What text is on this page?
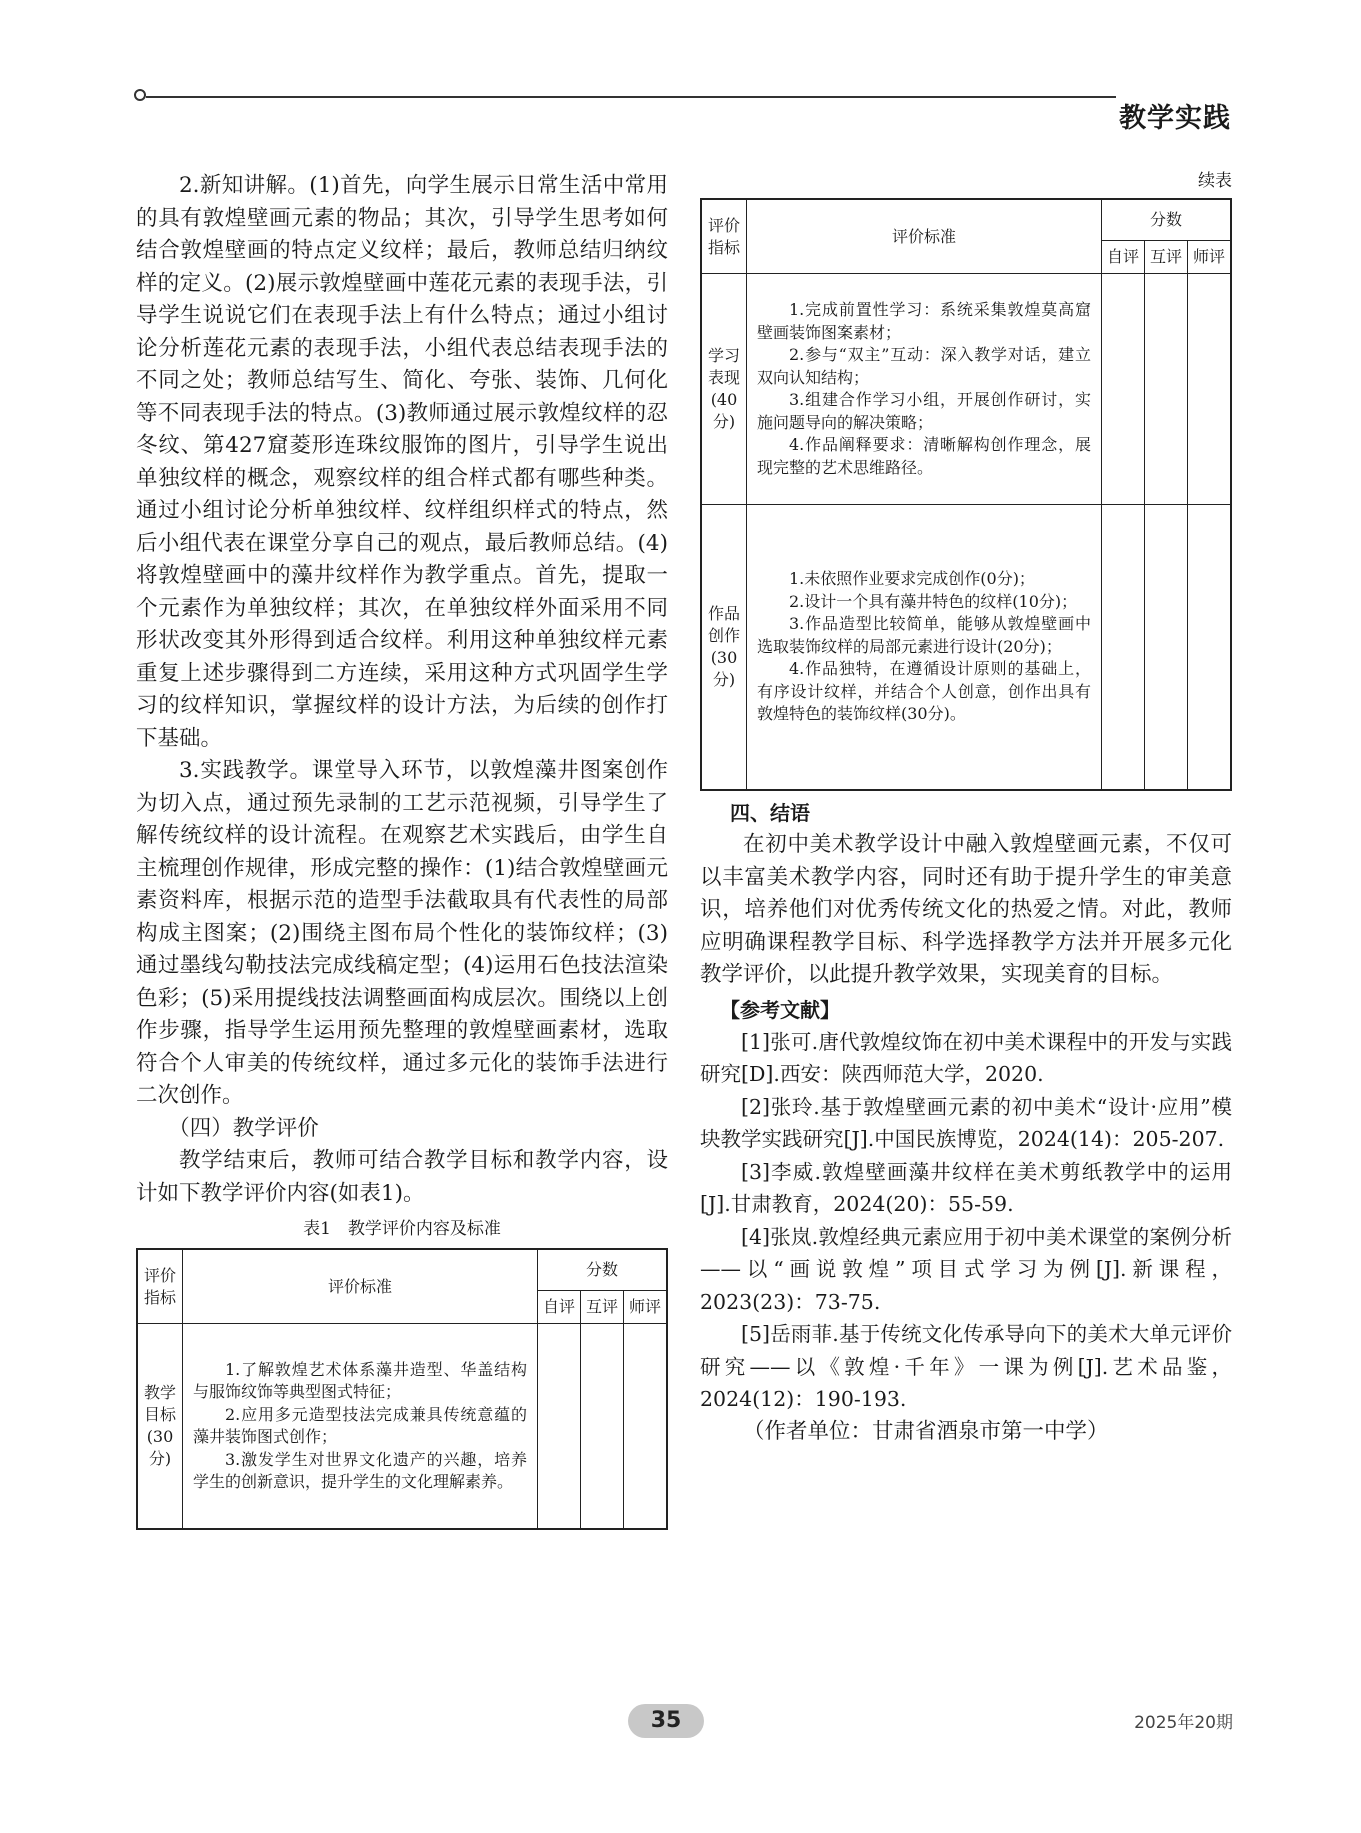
教学实践

2.新知讲解。(1)首先，向学生展示日常生活中常用的具有敦煌壁画元素的物品；其次，引导学生思考如何结合敦煌壁画的特点定义纹样；最后，教师总结归纳纹样的定义。(2)展示敦煌壁画中莲花元素的表现手法，引导学生说说它们在表现手法上有什么特点；通过小组讨论分析莲花元素的表现手法，小组代表总结表现手法的不同之处；教师总结写生、简化、夸张、装饰、几何化等不同表现手法的特点。(3)教师通过展示敦煌纹样的忍冬纹、第427窟菱形连珠纹服饰的图片，引导学生说出单独纹样的概念，观察纹样的组合样式都有哪些种类。通过小组讨论分析单独纹样、纹样组织样式的特点，然后小组代表在课堂分享自己的观点，最后教师总结。(4)将敦煌壁画中的藻井纹样作为教学重点。首先，提取一个元素作为单独纹样；其次，在单独纹样外面采用不同形状改变其外形得到适合纹样。利用这种单独纹样元素重复上述步骤得到二方连续，采用这种方式巩固学生学习的纹样知识，掌握纹样的设计方法，为后续的创作打下基础。

3.实践教学。课堂导入环节，以敦煌藻井图案创作为切入点，通过预先录制的工艺示范视频，引导学生了解传统纹样的设计流程。在观察艺术实践后，由学生自主梳理创作规律，形成完整的操作：(1)结合敦煌壁画元素资料库，根据示范的造型手法截取具有代表性的局部构成主图案；(2)围绕主图布局个性化的装饰纹样；(3)通过墨线勾勒技法完成线稿定型；(4)运用石色技法渲染色彩；(5)采用提线技法调整画面构成层次。围绕以上创作步骤，指导学生运用预先整理的敦煌壁画素材，选取符合个人审美的传统纹样，通过多元化的装饰手法进行二次创作。

（四）教学评价

教学结束后，教师可结合教学目标和教学内容，设计如下教学评价内容(如表1)。

表1　教学评价内容及标准
评价指标	评价标准	分数		
		自评	互评	师评
教学目标(30分)	1.了解敦煌艺术体系藻井造型、华盖结构与服饰纹饰等典型图式特征；
2.应用多元造型技法完成兼具传统意蕴的藻井装饰图式创作；
3.激发学生对世界文化遗产的兴趣，培养学生的创新意识，提升学生的文化理解素养。			

续表
评价指标	评价标准	分数		
		自评	互评	师评
学习表现(40分)	1.完成前置性学习：系统采集敦煌莫高窟壁画装饰图案素材；
2.参与“双主”互动：深入教学对话，建立双向认知结构；
3.组建合作学习小组，开展创作研讨，实施问题导向的解决策略；
4.作品阐释要求：清晰解构创作理念，展现完整的艺术思维路径。			

作品创作(30分)	1.未依照作业要求完成创作(0分)；
2.设计一个具有藻井特色的纹样(10分)；
3.作品造型比较简单，能够从敦煌壁画中选取装饰纹样的局部元素进行设计(20分)；
4.作品独特，在遵循设计原则的基础上，有序设计纹样，并结合个人创意，创作出具有敦煌特色的装饰纹样(30分)。			

四、结语

在初中美术教学设计中融入敦煌壁画元素，不仅可以丰富美术教学内容，同时还有助于提升学生的审美意识，培养他们对优秀传统文化的热爱之情。对此，教师应明确课程教学目标、科学选择教学方法并开展多元化教学评价，以此提升教学效果，实现美育的目标。

【参考文献】

[1]张可.唐代敦煌纹饰在初中美术课程中的开发与实践研究[D].西安：陕西师范大学，2020.

[2]张玲.基于敦煌壁画元素的初中美术“设计·应用”模块教学实践研究[J].中国民族博览，2024(14)：205-207.

[3]李威.敦煌壁画藻井纹样在美术剪纸教学中的运用[J].甘肃教育，2024(20)：55-59.

[4]张岚.敦煌经典元素应用于初中美术课堂的案例分析——以“画说敦煌”项目式学习为例[J].新课程，2023(23)：73-75.

[5]岳雨菲.基于传统文化传承导向下的美术大单元评价研究——以《敦煌·千年》一课为例[J].艺术品鉴，2024(12)：190-193.

（作者单位：甘肃省酒泉市第一中学）

35	2025年20期
